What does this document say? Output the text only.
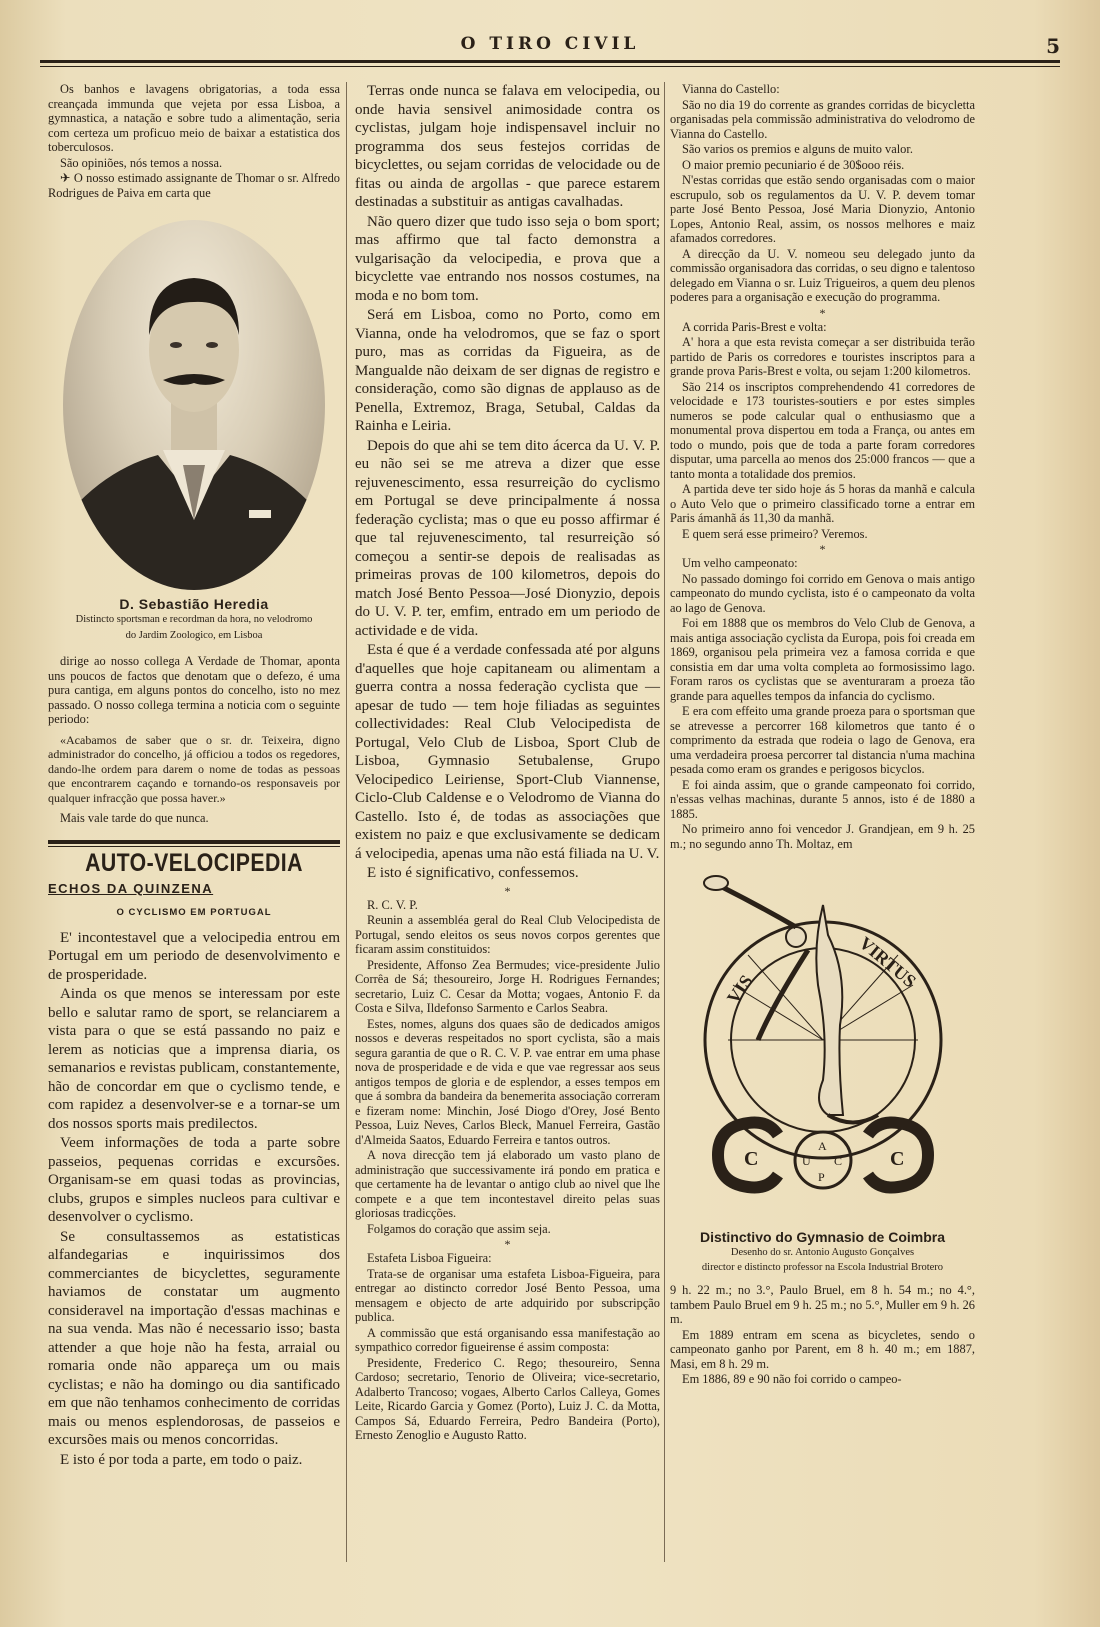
O TIRO CIVIL	5

Os banhos e lavagens obrigatorias, a toda essa creançada immunda que vejeta por essa Lisboa, a gymnastica, a natação e sobre tudo a alimentação, seria com certeza um proficuo meio de baixar a estatistica dos toberculosos.

São opiniões, nós temos a nossa.

✈ O nosso estimado assignante de Thomar o sr. Alfredo Rodrigues de Paiva em carta que

D. Sebastião Heredia
Distincto sportsman e recordman da hora, no velodromo
do Jardim Zoologico, em Lisboa

dirige ao nosso collega A Verdade de Thomar, aponta uns poucos de factos que denotam que o defezo, é uma pura cantiga, em alguns pontos do concelho, isto no mez passado. O nosso collega termina a noticia com o seguinte periodo:

«Acabamos de saber que o sr. dr. Teixeira, digno administrador do concelho, já officiou a todos os regedores, dando-lhe ordem para darem o nome de todas as pessoas que encontrarem caçando e tornando-os responsaveis por qualquer infracção que possa haver.»

Mais vale tarde do que nunca.

AUTO-VELOCIPEDIA
ECHOS DA QUINZENA
O CYCLISMO EM PORTUGAL

E' incontestavel que a velocipedia entrou em Portugal em um periodo de desenvolvimento e de prosperidade.

Ainda os que menos se interessam por este bello e salutar ramo de sport, se relanciarem a vista para o que se está passando no paiz e lerem as noticias que a imprensa diaria, os semanarios e revistas publicam, constantemente, hão de concordar em que o cyclismo tende, e com rapidez a desenvolver-se e a tornar-se um dos nossos sports mais predilectos.

Veem informações de toda a parte sobre passeios, pequenas corridas e excursões. Organisam-se em quasi todas as provincias, clubs, grupos e simples nucleos para cultivar e desenvolver o cyclismo.

Se consultassemos as estatisticas alfandegarias e inquirissimos dos commerciantes de bicyclettes, seguramente haviamos de constatar um augmento consideravel na importação d'essas machinas e na sua venda. Mas não é necessario isso; basta attender a que hoje não ha festa, arraial ou romaria onde não appareça um ou mais cyclistas; e não ha domingo ou dia santificado em que não tenhamos conhecimento de corridas mais ou menos esplendorosas, de passeios e excursões mais ou menos concorridas.

E isto é por toda a parte, em todo o paiz.

Terras onde nunca se falava em velocipedia, ou onde havia sensivel animosidade contra os cyclistas, julgam hoje indispensavel incluir no programma dos seus festejos corridas de bicyclettes, ou sejam corridas de velocidade ou de fitas ou ainda de argollas - que parece estarem destinadas a substituir as antigas cavalhadas.

Não quero dizer que tudo isso seja o bom sport; mas affirmo que tal facto demonstra a vulgarisação da velocipedia, e prova que a bicyclette vae entrando nos nossos costumes, na moda e no bom tom.

Será em Lisboa, como no Porto, como em Vianna, onde ha velodromos, que se faz o sport puro, mas as corridas da Figueira, as de Mangualde não deixam de ser dignas de registro e consideração, como são dignas de applauso as de Penella, Extremoz, Braga, Setubal, Caldas da Rainha e Leiria.

Depois do que ahi se tem dito ácerca da U. V. P. eu não sei se me atreva a dizer que esse rejuvenescimento, essa resurreição do cyclismo em Portugal se deve principalmente á nossa federação cyclista; mas o que eu posso affirmar é que tal rejuvenescimento, tal resurreição só começou a sentir-se depois de realisadas as primeiras provas de 100 kilometros, depois do match José Bento Pessoa—José Dionyzio, depois do U. V. P. ter, emfim, entrado em um periodo de actividade e de vida.

Esta é que é a verdade confessada até por alguns d'aquelles que hoje capitaneam ou alimentam a guerra contra a nossa federação cyclista que — apesar de tudo — tem hoje filiadas as seguintes collectividades: Real Club Velocipedista de Portugal, Velo Club de Lisboa, Sport Club de Lisboa, Gymnasio Setubalense, Grupo Velocipedico Leiriense, Sport-Club Viannense, Ciclo-Club Caldense e o Velodromo de Vianna do Castello. Isto é, de todas as associações que existem no paiz e que exclusivamente se dedicam á velocipedia, apenas uma não está filiada na U. V.

E isto é significativo, confessemos.

*

R. C. V. P.

Reunin a assembléa geral do Real Club Velocipedista de Portugal, sendo eleitos os seus novos corpos gerentes que ficaram assim constituidos:

Presidente, Affonso Zea Bermudes; vice-presidente Julio Corrêa de Sá; thesoureiro, Jorge H. Rodrigues Fernandes; secretario, Luiz C. Cesar da Motta; vogaes, Antonio F. da Costa e Silva, Ildefonso Sarmento e Carlos Seabra.

Estes, nomes, alguns dos quaes são de dedicados amigos nossos e deveras respeitados no sport cyclista, são a mais segura garantia de que o R. C. V. P. vae entrar em uma phase nova de prosperidade e de vida e que vae regressar aos seus antigos tempos de gloria e de esplendor, a esses tempos em que á sombra da bandeira da benemerita associação correram e fizeram nome: Minchin, José Diogo d'Orey, José Bento Pessoa, Luiz Neves, Carlos Bleck, Manuel Ferreira, Gastão d'Almeida Saatos, Eduardo Ferreira e tantos outros.

A nova direcção tem já elaborado um vasto plano de administração que successivamente irá pondo em pratica e que certamente ha de levantar o antigo club ao nivel que lhe compete e a que tem incontestavel direito pelas suas gloriosas tradicções.

Folgamos do coração que assim seja.

*

Estafeta Lisboa Figueira:

Trata-se de organisar uma estafeta Lisboa-Figueira, para entregar ao distincto corredor José Bento Pessoa, uma mensagem e objecto de arte adquirido por subscripção publica.

A commissão que está organisando essa manifestação ao sympathico corredor figueirense é assim composta:

Presidente, Frederico C. Rego; thesoureiro, Senna Cardoso; secretario, Tenorio de Oliveira; vice-secretario, Adalberto Trancoso; vogaes, Alberto Carlos Calleya, Gomes Leite, Ricardo Garcia y Gomez (Porto), Luiz J. C. da Motta, Campos Sá, Eduardo Ferreira, Pedro Bandeira (Porto), Ernesto Zenoglio e Augusto Ratto.

Vianna do Castello:

São no dia 19 do corrente as grandes corridas de bicycletta organisadas pela commissão administrativa do velodromo de Vianna do Castello.

São varios os premios e alguns de muito valor.

O maior premio pecuniario é de 30$ooo réis.

N'estas corridas que estão sendo organisadas com o maior escrupulo, sob os regulamentos da U. V. P. devem tomar parte José Bento Pessoa, José Maria Dionyzio, Antonio Lopes, Antonio Real, assim, os nossos melhores e maiz afamados corredores.

A direcção da U. V. nomeou seu delegado junto da commissão organisadora das corridas, o seu digno e talentoso delegado em Vianna o sr. Luiz Trigueiros, a quem deu plenos poderes para a organisação e execução do programma.

*

A corrida Paris-Brest e volta:

A' hora a que esta revista começar a ser distribuida terão partido de Paris os corredores e touristes inscriptos para a grande prova Paris-Brest e volta, ou sejam 1:200 kilometros.

São 214 os inscriptos comprehendendo 41 corredores de velocidade e 173 touristes-soutiers e por estes simples numeros se pode calcular qual o enthusiasmo que a monumental prova dispertou em toda a França, ou antes em todo o mundo, pois que de toda a parte foram corredores disputar, uma parcella ao menos dos 25:000 francos — que a tanto monta a totalidade dos premios.

A partida deve ter sido hoje ás 5 horas da manhã e calcula o Auto Velo que o primeiro classificado torne a entrar em Paris ámanhã ás 11,30 da manhã.

E quem será esse primeiro? Veremos.

*

Um velho campeonato:

No passado domingo foi corrido em Genova o mais antigo campeonato do mundo cyclista, isto é o campeonato da volta ao lago de Genova.

Foi em 1888 que os membros do Velo Club de Genova, a mais antiga associação cyclista da Europa, pois foi creada em 1869, organisou pela primeira vez a famosa corrida e que consistia em dar uma volta completa ao formosissimo lago. Foram raros os cyclistas que se aventuraram a proeza tão grande para aquelles tempos da infancia do cyclismo.

E era com effeito uma grande proeza para o sportsman que se atrevesse a percorrer 168 kilometros que tanto é o comprimento da estrada que rodeia o lago de Genova, era uma verdadeira proesa percorrer tal distancia n'uma machina pesada como eram os grandes e perigosos bicyclos.

E foi ainda assim, que o grande campeonato foi corrido, n'essas velhas machinas, durante 5 annos, isto é de 1880 a 1885.

No primeiro anno foi vencedor J. Grandjean, em 9 h. 25 m.; no segundo anno Th. Moltaz, em

VIS	VIRTUS
C	C
A
U
P
C
Distinctivo do Gymnasio de Coimbra
Desenho do sr. Antonio Augusto Gonçalves
director e distincto professor na Escola Industrial Brotero

9 h. 22 m.; no 3.°, Paulo Bruel, em 8 h. 54 m.; no 4.°, tambem Paulo Bruel em 9 h. 25 m.; no 5.°, Muller em 9 h. 26 m.

Em 1889 entram em scena as bicycletes, sendo o campeonato ganho por Parent, em 8 h. 40 m.; em 1887, Masi, em 8 h. 29 m.

Em 1886, 89 e 90 não foi corrido o campeo-
